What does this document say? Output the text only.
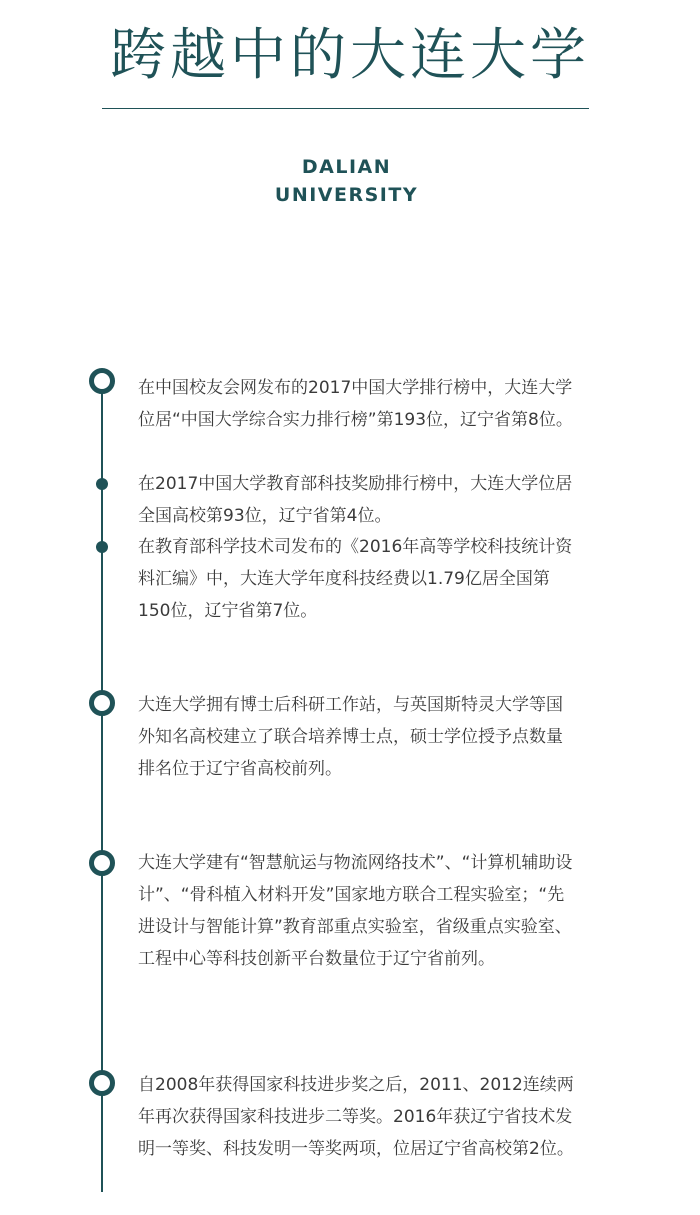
跨越中的大连大学
DALIAN
UNIVERSITY

在中国校友会网发布的2017中国大学排行榜中，大连大学位居“中国大学综合实力排行榜”第193位，辽宁省第8位。

在2017中国大学教育部科技奖励排行榜中，大连大学位居全国高校第93位，辽宁省第4位。

在教育部科学技术司发布的《2016年高等学校科技统计资料汇编》中，大连大学年度科技经费以1.79亿居全国第150位，辽宁省第7位。

大连大学拥有博士后科研工作站，与英国斯特灵大学等国外知名高校建立了联合培养博士点，硕士学位授予点数量排名位于辽宁省高校前列。

大连大学建有“智慧航运与物流网络技术”、“计算机辅助设计”、“骨科植入材料开发”国家地方联合工程实验室；“先进设计与智能计算”教育部重点实验室，省级重点实验室、工程中心等科技创新平台数量位于辽宁省前列。

自2008年获得国家科技进步奖之后，2011、2012连续两年再次获得国家科技进步二等奖。2016年获辽宁省技术发明一等奖、科技发明一等奖两项，位居辽宁省高校第2位。
